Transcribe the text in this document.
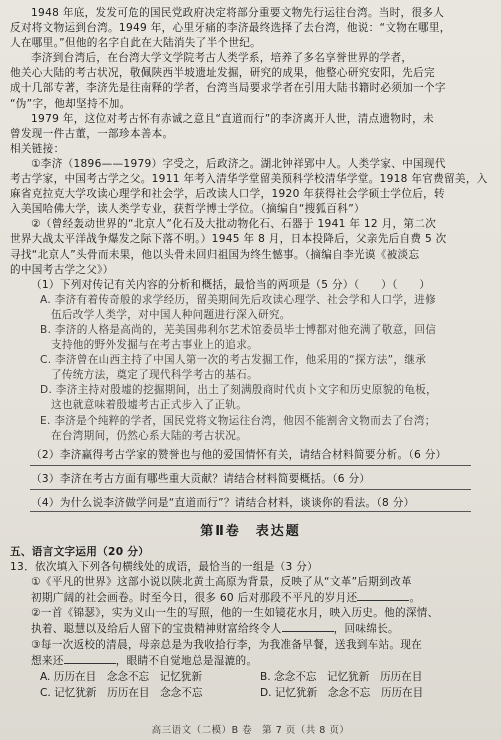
1948 年底，发发可危的国民党政府决定将部分重要文物先行运往台湾。当时，很多人
反对将文物运到台湾。1949 年，心里牙痛的李济最终选择了去台湾，他说：“文物在哪里，
人在哪里。”但他的名字自此在大陆消失了半个世纪。
李济到台湾后，在台湾大学文学院考古人类学系，培养了多名享誉世界的学者，
他关心大陆的考古状况，敬佩陕西半坡遗址发掘，研究的成果，他整心研究安阳，先后完
成十几部专著，李济先是往南释的学者，台湾当局要求学者在引用大陆书籍时必须加一个字
“伪”字，他却坚持不加。
1979 年，这位对考古怀有赤诚之意且“直道而行”的李济离开人世，清点遗物时，未
曾发现一件古董，一部珍本善本。
相关链接：
①李济（1896——1979）字受之，后政济之。湖北钟祥郢中人。人类学家、中国现代
考古学家，中国考古学之父。1911 年考入清华学堂留美预科学校清华学堂。1918 年官费留美，入
麻省克拉克大学攻读心理学和社会学，后改读人口学，1920 年获得社会学硕士学位后，转
入美国哈佛大学，读人类学专业，获哲学博士学位。（摘编自“搜狐百科”）
②（曾经轰动世界的“北京人”化石及大批动物化石、石器于 1941 年 12 月，第二次
世界大战太平洋战争爆发之际下落不明。）1945 年 8 月，日本投降后，父亲先后自费 5 次
寻找“北京人”头骨而未果，他以头骨未回归祖国为终生憾事。（摘编自李光谟《被淡忘
的中国考古学之父》）
（1）下列对传记有关内容的分析和概括，最恰当的两项是（5 分）（　　）（　　）
A. 李济有着传奇般的求学经历，留美期间先后攻读心理学、社会学和人口学，进修
伍后改学人类学，对中国人种问题进行深入研究。
B. 李济的人格是高尚的，芜美国弗利尔艺术馆委员毕士博都对他充满了敬意，回信
支持他的野外发掘与在考古事业上的追求。
C. 李济曾在山西主持了中国人第一次的考古发掘工作，他采用的“探方法”，继承
了传统方法，奠定了现代科学考古的基石。
D. 李济主持对殷墟的挖掘期间，出土了刻满殷商时代贞卜文字和历史原貌的龟板，
这也就意味着殷墟考古正式步入了正轨。
E. 李济是个纯粹的学者，国民党将文物运往台湾，他因不能割舍文物而去了台湾；
在台湾期间，仍然心系大陆的考古状况。
（2）李济赢得考古学家的赞誉也与他的爱国情怀有关，请结合材料简要分析。（6 分）
（3）李济在考古方面有哪些重大贡献？请结合材料简要概括。（6 分）
（4）为什么说李济做学问是“直道而行”？请结合材料，谈谈你的看法。（8 分）
第Ⅱ卷　表达题
五、语言文字运用（20 分）
13．依次填入下列各句横线处的成语，最恰当的一组是（3 分）
①《平凡的世界》这部小说以陕北黄土高原为背景，反映了从“文革”后期到改革
初期广阔的社会画卷。时至今日，很多 60 后对那段不平凡的岁月还	。
②一首《锦瑟》，实为义山一生的写照，他的一生如镜花水月，映入历史。他的深情、
执着、聪慧以及给后人留下的宝贵精神财富给终令人	，回味绵长。
③每一次返校的清晨，母亲总是为我收拾行李，为我准备早餐，送我到车站。现在
想来还	，眼睛不自觉地总是湿漉的。
A. 历历在目　念念不忘　记忆犹新	B. 念念不忘　记忆犹新　历历在目
C. 记忆犹新　历历在目　念念不忘	D. 记忆犹新　念念不忘　历历在目
高三语文（二模）B 卷　第 7 页（共 8 页）
